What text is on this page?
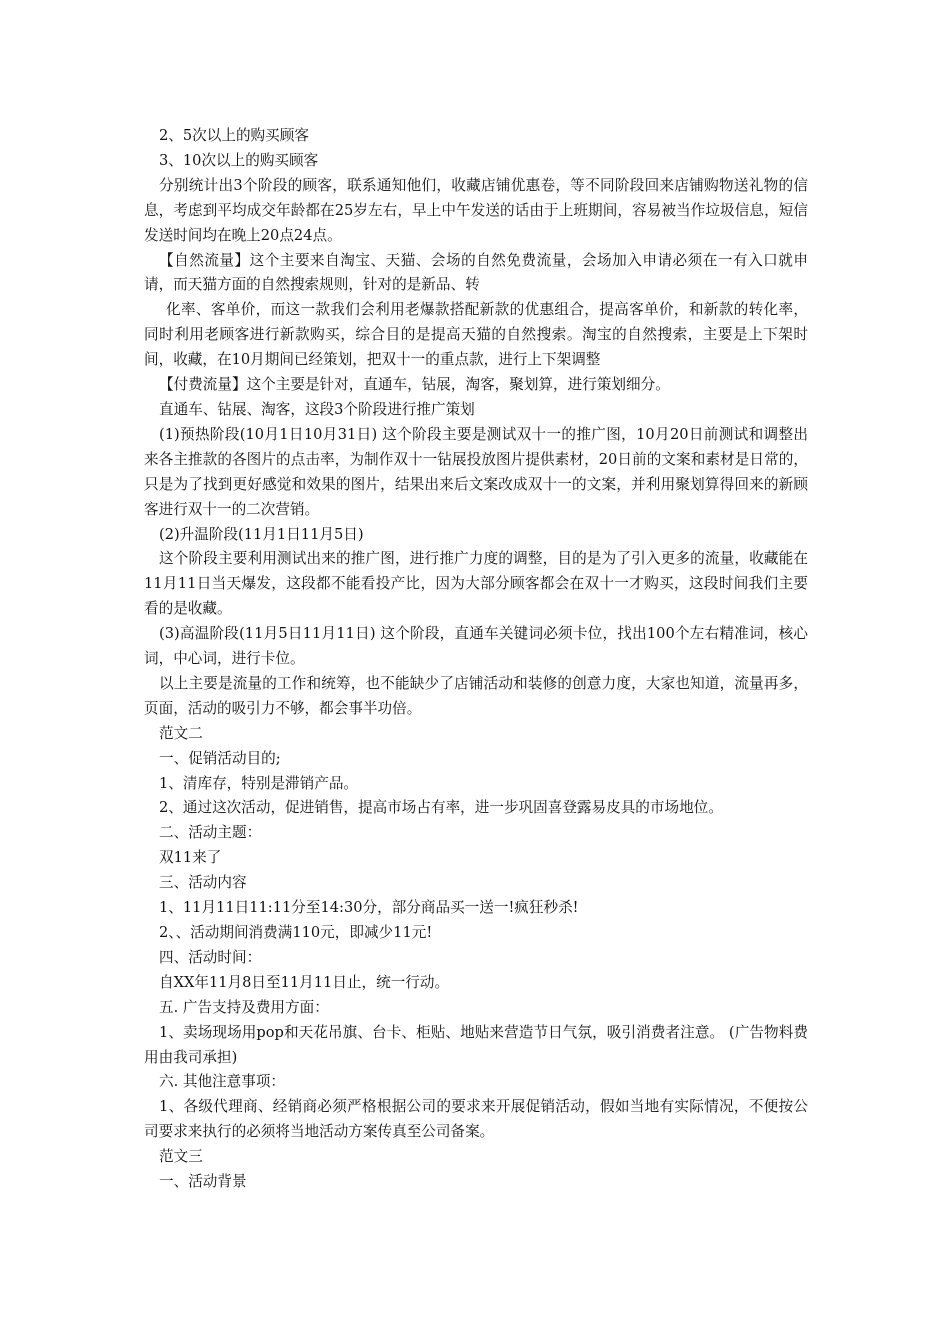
2、5次以上的购买顾客

3、10次以上的购买顾客

分别统计出3个阶段的顾客，联系通知他们，收藏店铺优惠卷，等不同阶段回来店铺购物送礼物的信息，考虑到平均成交年龄都在25岁左右，早上中午发送的话由于上班期间，容易被当作垃圾信息，短信发送时间均在晚上20点24点。

【自然流量】这个主要来自淘宝、天猫、会场的自然免费流量，会场加入申请必须在一有入口就申请，而天猫方面的自然搜索规则，针对的是新品、转

化率、客单价，而这一款我们会利用老爆款搭配新款的优惠组合，提高客单价，和新款的转化率，同时利用老顾客进行新款购买，综合目的是提高天猫的自然搜索。淘宝的自然搜索，主要是上下架时间，收藏，在10月期间已经策划，把双十一的重点款，进行上下架调整

【付费流量】这个主要是针对，直通车，钻展，淘客，聚划算，进行策划细分。

直通车、钻展、淘客，这段3个阶段进行推广策划

(1)预热阶段(10月1日10月31日) 这个阶段主要是测试双十一的推广图，10月20日前测试和调整出来各主推款的各图片的点击率，为制作双十一钻展投放图片提供素材，20日前的文案和素材是日常的，只是为了找到更好感觉和效果的图片，结果出来后文案改成双十一的文案，并利用聚划算得回来的新顾客进行双十一的二次营销。

(2)升温阶段(11月1日11月5日)

这个阶段主要利用测试出来的推广图，进行推广力度的调整，目的是为了引入更多的流量，收藏能在11月11日当天爆发，这段都不能看投产比，因为大部分顾客都会在双十一才购买，这段时间我们主要看的是收藏。

(3)高温阶段(11月5日11月11日) 这个阶段，直通车关键词必须卡位，找出100个左右精准词，核心词，中心词，进行卡位。

以上主要是流量的工作和统筹，也不能缺少了店铺活动和装修的创意力度，大家也知道，流量再多，页面，活动的吸引力不够，都会事半功倍。

范文二

一、促销活动目的;

1、清库存，特别是滞销产品。

2、通过这次活动，促进销售，提高市场占有率，进一步巩固喜登露易皮具的市场地位。

二、活动主题：

双11来了

三、活动内容

1、11月11日11:11分至14:30分，部分商品买一送一!疯狂秒杀!

2、、活动期间消费满110元，即减少11元!

四、活动时间：

自XX年11月8日至11月11日止，统一行动。

五. 广告支持及费用方面：

1、卖场现场用pop和天花吊旗、台卡、柜贴、地贴来营造节日气氛，吸引消费者注意。 (广告物料费用由我司承担)

六. 其他注意事项：

1、各级代理商、经销商必须严格根据公司的要求来开展促销活动，假如当地有实际情况，不便按公司要求来执行的必须将当地活动方案传真至公司备案。

范文三

一、活动背景
